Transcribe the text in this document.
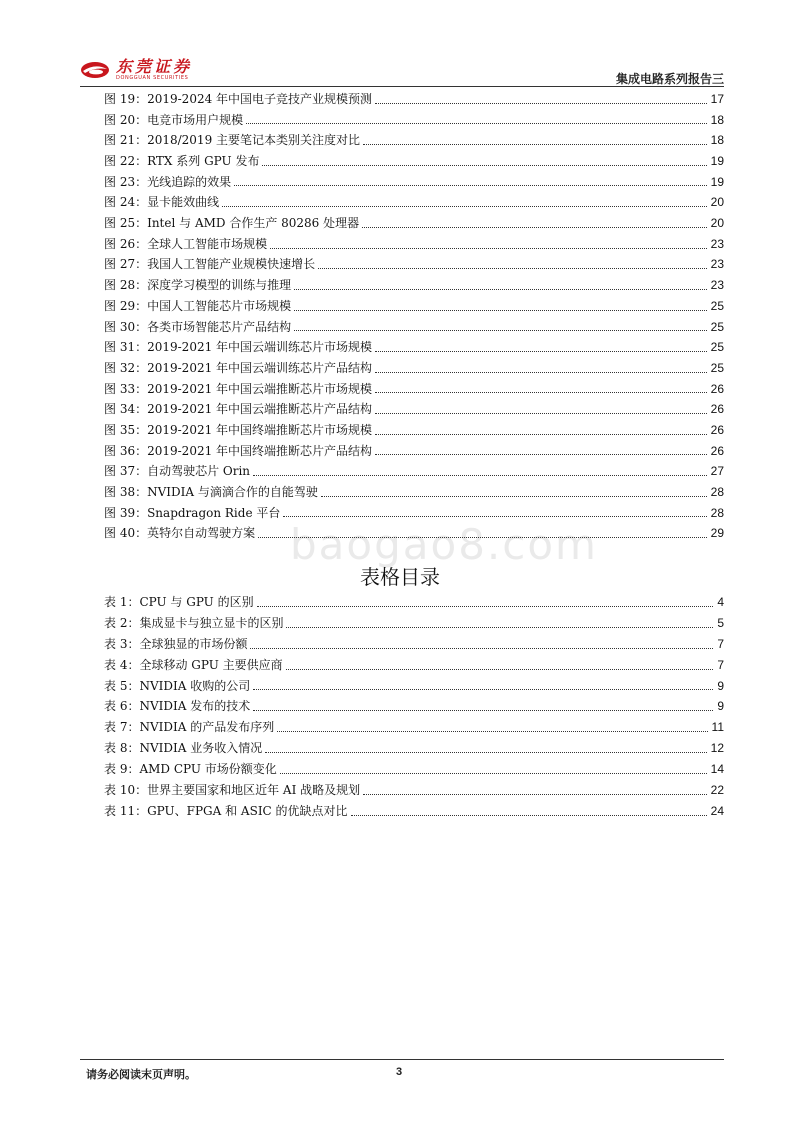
东莞证券
DONGGUAN SECURITIES	集成电路系列报告三
baogao8.com
图 19：2019-2024 年中国电子竞技产业规模预测	17
图 20：电竞市场用户规模	18
图 21：2018/2019 主要笔记本类别关注度对比	18
图 22：RTX 系列 GPU 发布	19
图 23：光线追踪的效果	19
图 24：显卡能效曲线	20
图 25：Intel 与 AMD 合作生产 80286 处理器	20
图 26：全球人工智能市场规模	23
图 27：我国人工智能产业规模快速增长	23
图 28：深度学习模型的训练与推理	23
图 29：中国人工智能芯片市场规模	25
图 30：各类市场智能芯片产品结构	25
图 31：2019-2021 年中国云端训练芯片市场规模	25
图 32：2019-2021 年中国云端训练芯片产品结构	25
图 33：2019-2021 年中国云端推断芯片市场规模	26
图 34：2019-2021 年中国云端推断芯片产品结构	26
图 35：2019-2021 年中国终端推断芯片市场规模	26
图 36：2019-2021 年中国终端推断芯片产品结构	26
图 37：自动驾驶芯片 Orin	27
图 38：NVIDIA 与滴滴合作的自能驾驶	28
图 39：Snapdragon Ride 平台	28
图 40：英特尔自动驾驶方案	29
表格目录
表 1：CPU 与 GPU 的区别	4
表 2：集成显卡与独立显卡的区别	5
表 3：全球独显的市场份额	7
表 4：全球移动 GPU 主要供应商	7
表 5：NVIDIA 收购的公司	9
表 6：NVIDIA 发布的技术	9
表 7：NVIDIA 的产品发布序列	11
表 8：NVIDIA 业务收入情况	12
表 9：AMD CPU 市场份额变化	14
表 10：世界主要国家和地区近年 AI 战略及规划	22
表 11：GPU、FPGA 和 ASIC 的优缺点对比	24
请务必阅读末页声明。	3
